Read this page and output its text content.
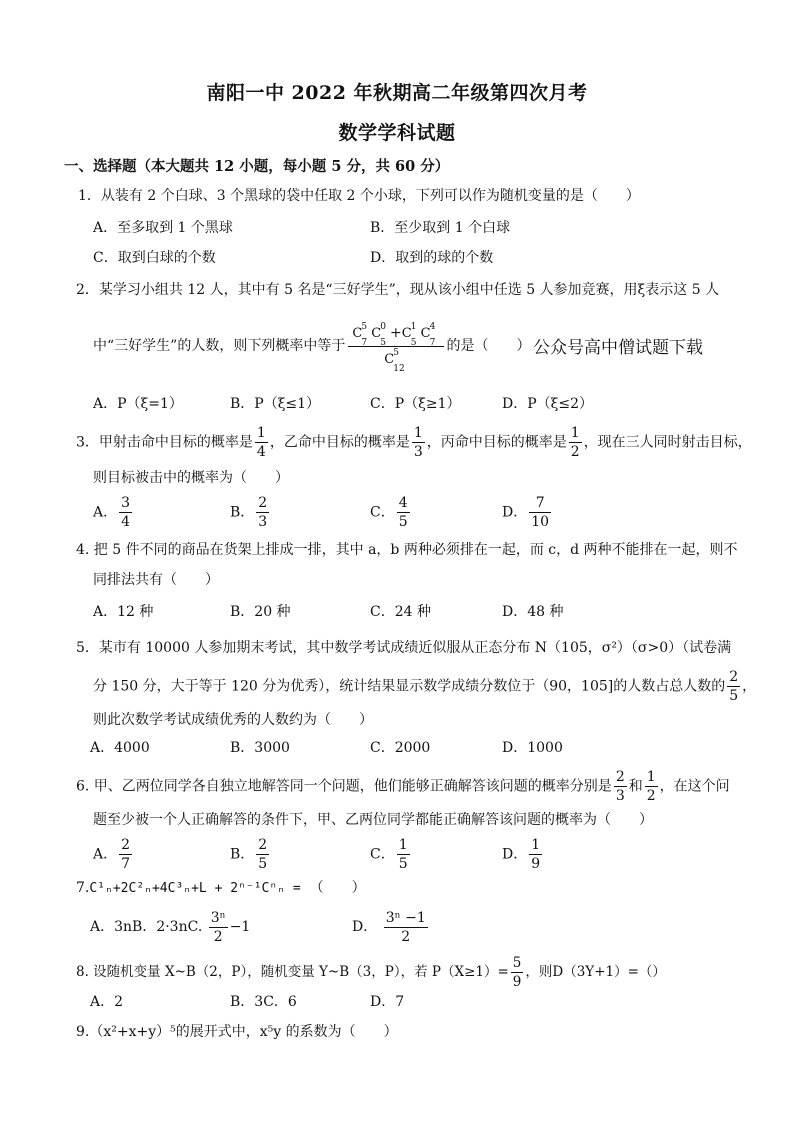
南阳一中 2022 年秋期高二年级第四次月考
数学学科试题
一、选择题（本大题共 12 小题，每小题 5 分，共 60 分）
1．从装有 2 个白球、3 个黑球的袋中任取 2 个小球，下列可以作为随机变量的是（　　）
A．至多取到 1 个黑球	B．至少取到 1 个白球
C．取到白球的个数	D．取到的球的个数
2．某学习小组共 12 人，其中有 5 名是“三好学生”，现从该小组中任选 5 人参加竞赛，用ξ表示这 5 人
中“三好学生”的人数，则下列概率中等于 C 5
7
C 0
5
+C 1
5
C 4
7

C 5
12
的是（　　） 公众号高中僧试题下载
A．P（ξ=1）	B．P（ξ≤1）	C．P（ξ≥1）	D．P（ξ≤2）
3．甲射击命中目标的概率是 $\frac{1}{4}$ ，乙命中目标的概率是 $\frac{1}{3}$ ，丙命中目标的概率是 $\frac{1}{2}$ ，现在三人同时射击目标，
则目标被击中的概率为（　　）
A． $\frac{3}{4}$	B． $\frac{2}{3}$	C． $\frac{4}{5}$	D． $\frac{7}{10}$
4. 把 5 件不同的商品在货架上排成一排，其中 a，b 两种必须排在一起，而 c，d 两种不能排在一起，则不
同排法共有（　　）
A．12 种	B．20 种	C．24 种	D．48 种
5．某市有 10000 人参加期末考试，其中数学考试成绩近似服从正态分布 N（105，σ²）（σ>0）（试卷满
分 150 分，大于等于 120 分为优秀），统计结果显示数学成绩分数位于（90，105]的人数占总人数的 $\frac{2}{5}$ ，
则此次数学考试成绩优秀的人数约为（　　）
A．4000	B．3000	C．2000	D．1000
6. 甲、乙两位同学各自独立地解答同一个问题，他们能够正确解答该问题的概率分别是 $\frac{2}{3}$ 和 $\frac{1}{2}$ ，在这个问
题至少被一个人正确解答的条件下，甲、乙两位同学都能正确解答该问题的概率为（　　）
A． $\frac{2}{7}$	B． $\frac{2}{5}$	C． $\frac{1}{5}$	D． $\frac{1}{9}$
7.C¹ₙ+2C²ₙ+4C³ₙ+L + 2ⁿ⁻¹Cⁿₙ = （　　）
A．3nB．2·3nC. $\frac{\text{3ⁿ}}{2} -1$	D． $\frac{\text{3ⁿ −1}}{2}$
8. 设随机变量 X~B（2，P），随机变量 Y~B（3，P），若 $P(X\ge 1)= \frac{5}{9}$ ，则D（3Y+1）=（）
A．2	B．3C．6	D．7
9.（x²+x+y）⁵的展开式中，x⁵y 的系数为（　　）
